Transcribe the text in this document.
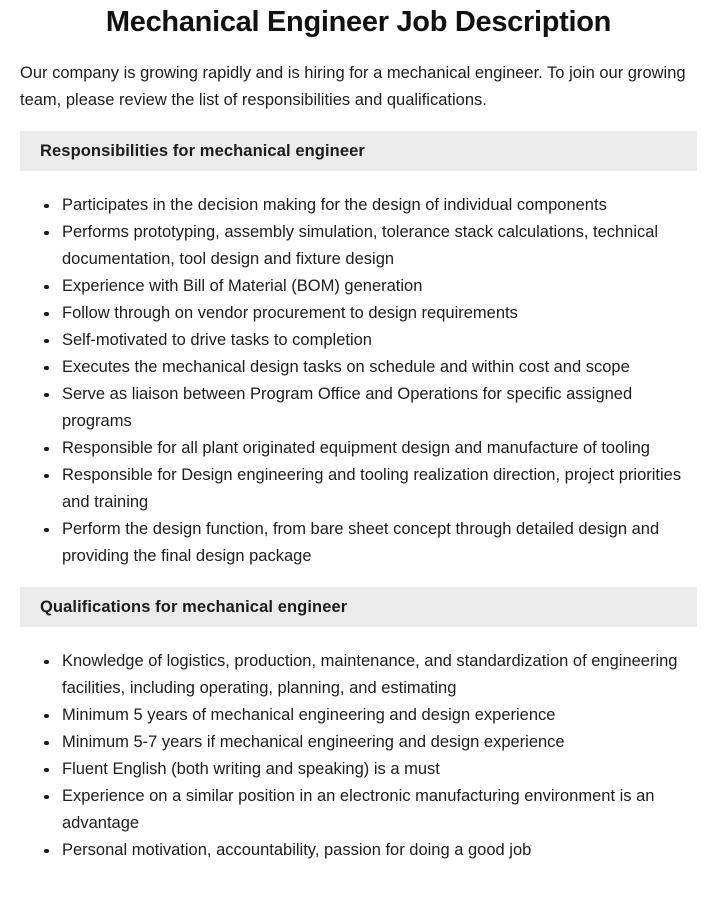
Mechanical Engineer Job Description

Our company is growing rapidly and is hiring for a mechanical engineer. To join our growing team, please review the list of responsibilities and qualifications.

Responsibilities for mechanical engineer
Participates in the decision making for the design of individual components
Performs prototyping, assembly simulation, tolerance stack calculations, technical documentation, tool design and fixture design
Experience with Bill of Material (BOM) generation
Follow through on vendor procurement to design requirements
Self-motivated to drive tasks to completion
Executes the mechanical design tasks on schedule and within cost and scope
Serve as liaison between Program Office and Operations for specific assigned programs
Responsible for all plant originated equipment design and manufacture of tooling
Responsible for Design engineering and tooling realization direction, project priorities and training
Perform the design function, from bare sheet concept through detailed design and providing the final design package
Qualifications for mechanical engineer
Knowledge of logistics, production, maintenance, and standardization of engineering facilities, including operating, planning, and estimating
Minimum 5 years of mechanical engineering and design experience
Minimum 5-7 years if mechanical engineering and design experience
Fluent English (both writing and speaking) is a must
Experience on a similar position in an electronic manufacturing environment is an advantage
Personal motivation, accountability, passion for doing a good job
